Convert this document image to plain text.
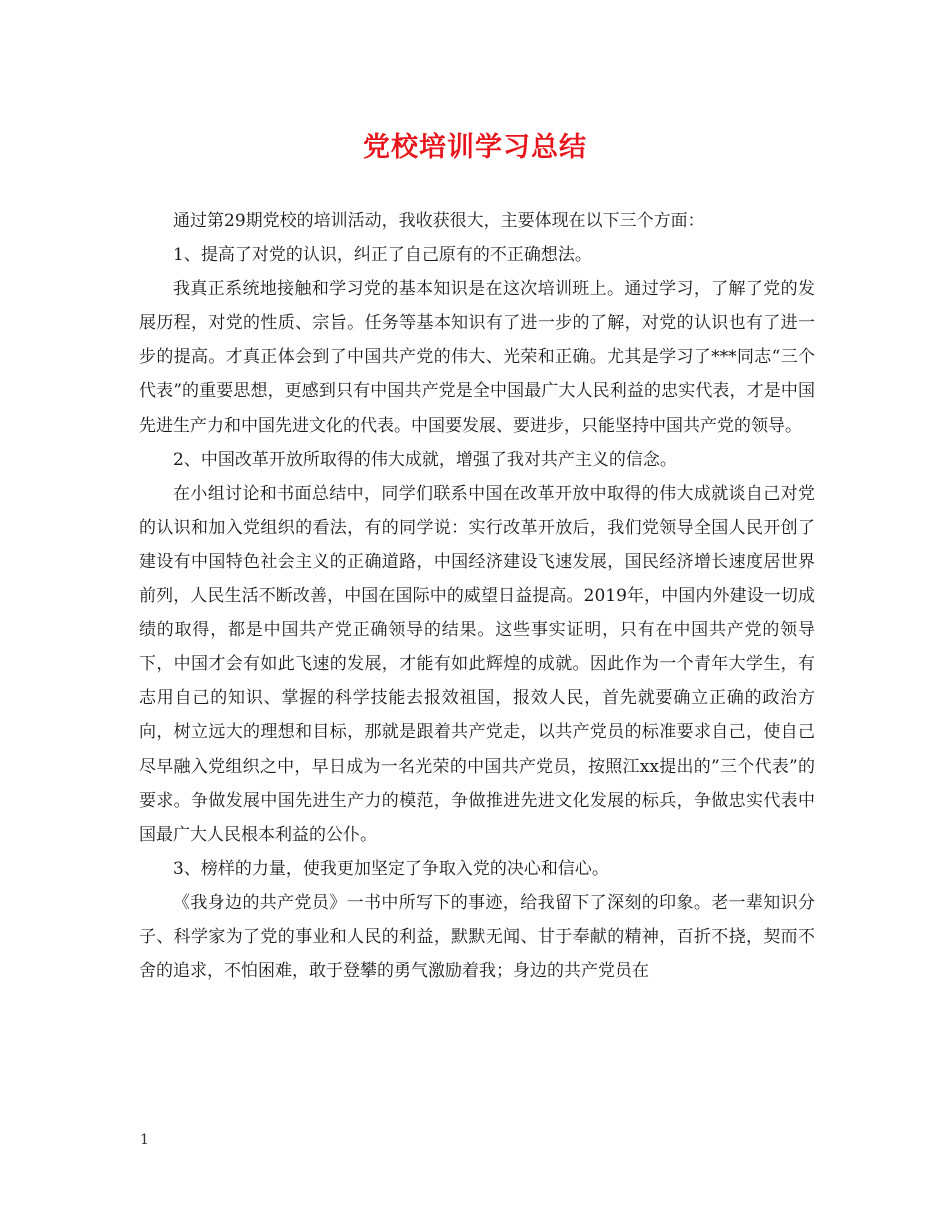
党校培训学习总结

通过第29期党校的培训活动，我收获很大，主要体现在以下三个方面：

1、提高了对党的认识，纠正了自己原有的不正确想法。

我真正系统地接触和学习党的基本知识是在这次培训班上。通过学习，了解了党的发展历程，对党的性质、宗旨。任务等基本知识有了进一步的了解，对党的认识也有了进一步的提高。才真正体会到了中国共产党的伟大、光荣和正确。尤其是学习了***同志“三个代表”的重要思想，更感到只有中国共产党是全中国最广大人民利益的忠实代表，才是中国先进生产力和中国先进文化的代表。中国要发展、要进步，只能坚持中国共产党的领导。

2、中国改革开放所取得的伟大成就，增强了我对共产主义的信念。

在小组讨论和书面总结中，同学们联系中国在改革开放中取得的伟大成就谈自己对党的认识和加入党组织的看法，有的同学说：实行改革开放后，我们党领导全国人民开创了建设有中国特色社会主义的正确道路，中国经济建设飞速发展，国民经济增长速度居世界前列，人民生活不断改善，中国在国际中的威望日益提高。2019年，中国内外建设一切成绩的取得，都是中国共产党正确领导的结果。这些事实证明，只有在中国共产党的领导下，中国才会有如此飞速的发展，才能有如此辉煌的成就。因此作为一个青年大学生，有志用自己的知识、掌握的科学技能去报效祖国，报效人民，首先就要确立正确的政治方向，树立远大的理想和目标，那就是跟着共产党走，以共产党员的标准要求自己，使自己尽早融入党组织之中，早日成为一名光荣的中国共产党员，按照江xx提出的”三个代表”的要求。争做发展中国先进生产力的模范，争做推进先进文化发展的标兵，争做忠实代表中国最广大人民根本利益的公仆。

3、榜样的力量，使我更加坚定了争取入党的决心和信心。

《我身边的共产党员》一书中所写下的事迹，给我留下了深刻的印象。老一辈知识分子、科学家为了党的事业和人民的利益，默默无闻、甘于奉献的精神，百折不挠，契而不舍的追求，不怕困难，敢于登攀的勇气激励着我；身边的共产党员在

1
